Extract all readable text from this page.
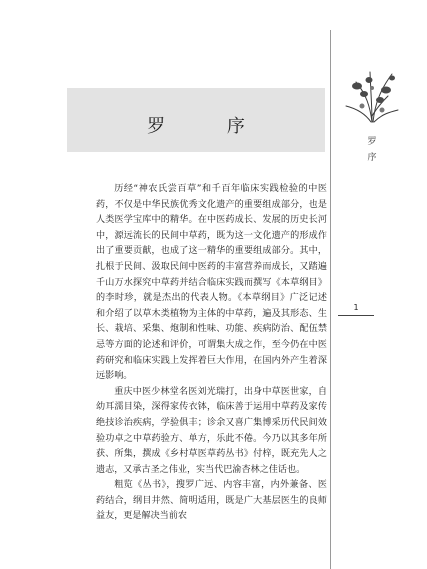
罗 序
1
罗 序

历经“神农氏尝百草”和千百年临床实践检验的中医药，不仅是中华民族优秀文化遗产的重要组成部分，也是人类医学宝库中的精华。在中医药成长、发展的历史长河中，源远流长的民间中草药，既为这一文化遗产的形成作出了重要贡献，也成了这一精华的重要组成部分。其中，扎根于民间、汲取民间中医药的丰富营养而成长，又踏遍千山万水探究中草药并结合临床实践而撰写《本草纲目》的李时珍，就是杰出的代表人物。《本草纲目》广泛记述和介绍了以草木类植物为主体的中草药，遍及其形态、生长、栽培、采集、炮制和性味、功能、疾病防治、配伍禁忌等方面的论述和评价，可谓集大成之作，至今仍在中医药研究和临床实践上发挥着巨大作用，在国内外产生着深远影响。

重庆中医少林堂名医刘光瑞打，出身中草医世家，自幼耳濡目染，深得家传衣钵，临床善于运用中草药及家传绝技诊治疾病，学验俱丰；诊余又喜广集博采历代民间效验功卓之中草药验方、单方，乐此不倦。今乃以其多年所获、所集，撰成《乡村草医草药丛书》付梓，既充先人之遗志，又承古圣之伟业，实当代巴渝杏林之佳话也。

粗览《丛书》，搜罗广远、内容丰富，内外兼备、医药结合，纲目井然、简明适用，既是广大基层医生的良师益友，更是解决当前农
